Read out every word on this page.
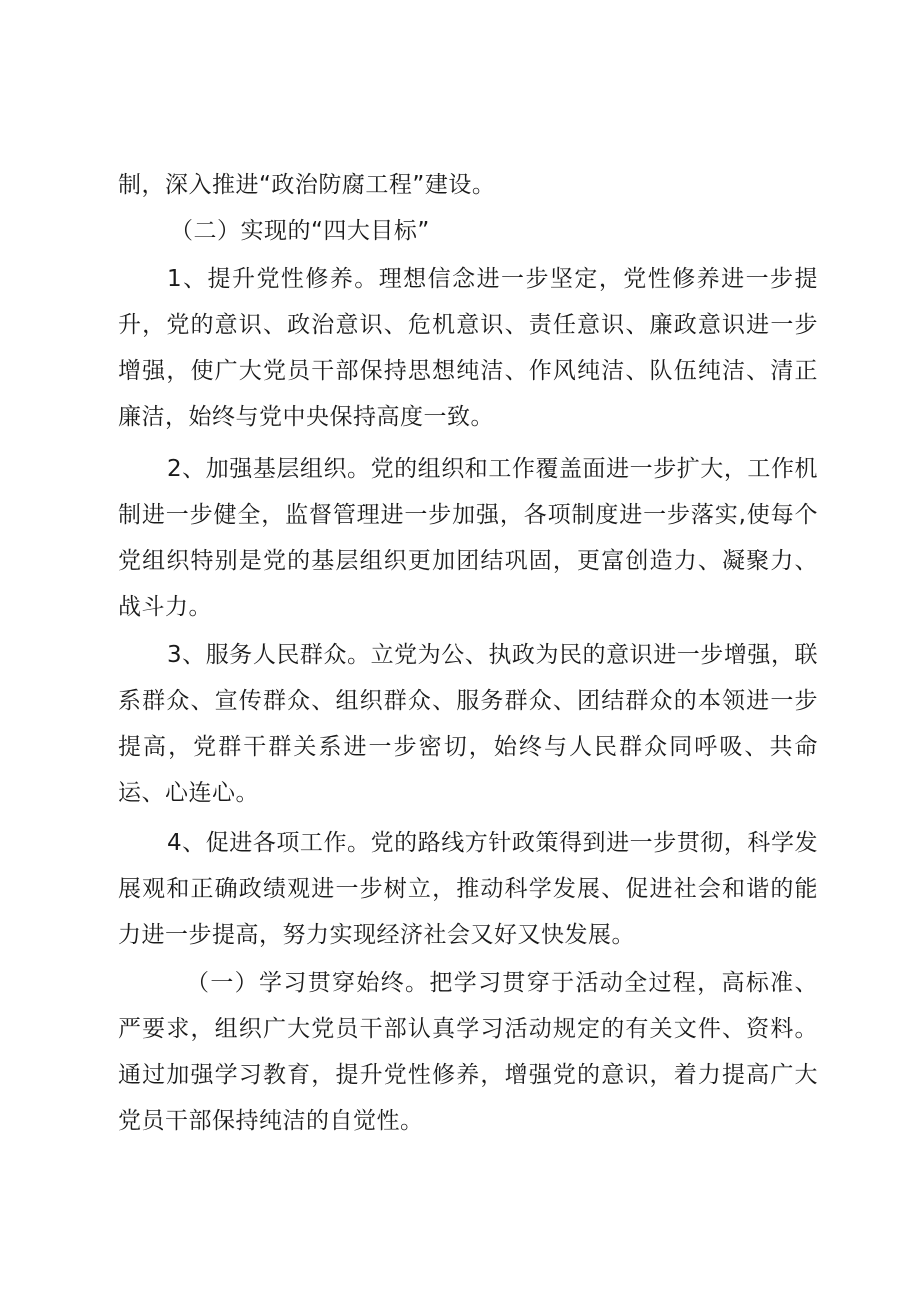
制，深入推进“政治防腐工程”建设。

（二）实现的“四大目标”

1、提升党性修养。理想信念进一步坚定，党性修养进一步提升，党的意识、政治意识、危机意识、责任意识、廉政意识进一步增强，使广大党员干部保持思想纯洁、作风纯洁、队伍纯洁、清正廉洁，始终与党中央保持高度一致。

2、加强基层组织。党的组织和工作覆盖面进一步扩大，工作机制进一步健全，监督管理进一步加强，各项制度进一步落实,使每个党组织特别是党的基层组织更加团结巩固，更富创造力、凝聚力、战斗力。

3、服务人民群众。立党为公、执政为民的意识进一步增强，联系群众、宣传群众、组织群众、服务群众、团结群众的本领进一步提高，党群干群关系进一步密切，始终与人民群众同呼吸、共命运、心连心。

4、促进各项工作。党的路线方针政策得到进一步贯彻，科学发展观和正确政绩观进一步树立，推动科学发展、促进社会和谐的能力进一步提高，努力实现经济社会又好又快发展。

（一）学习贯穿始终。把学习贯穿于活动全过程，高标准、严要求，组织广大党员干部认真学习活动规定的有关文件、资料。通过加强学习教育，提升党性修养，增强党的意识，着力提高广大党员干部保持纯洁的自觉性。
